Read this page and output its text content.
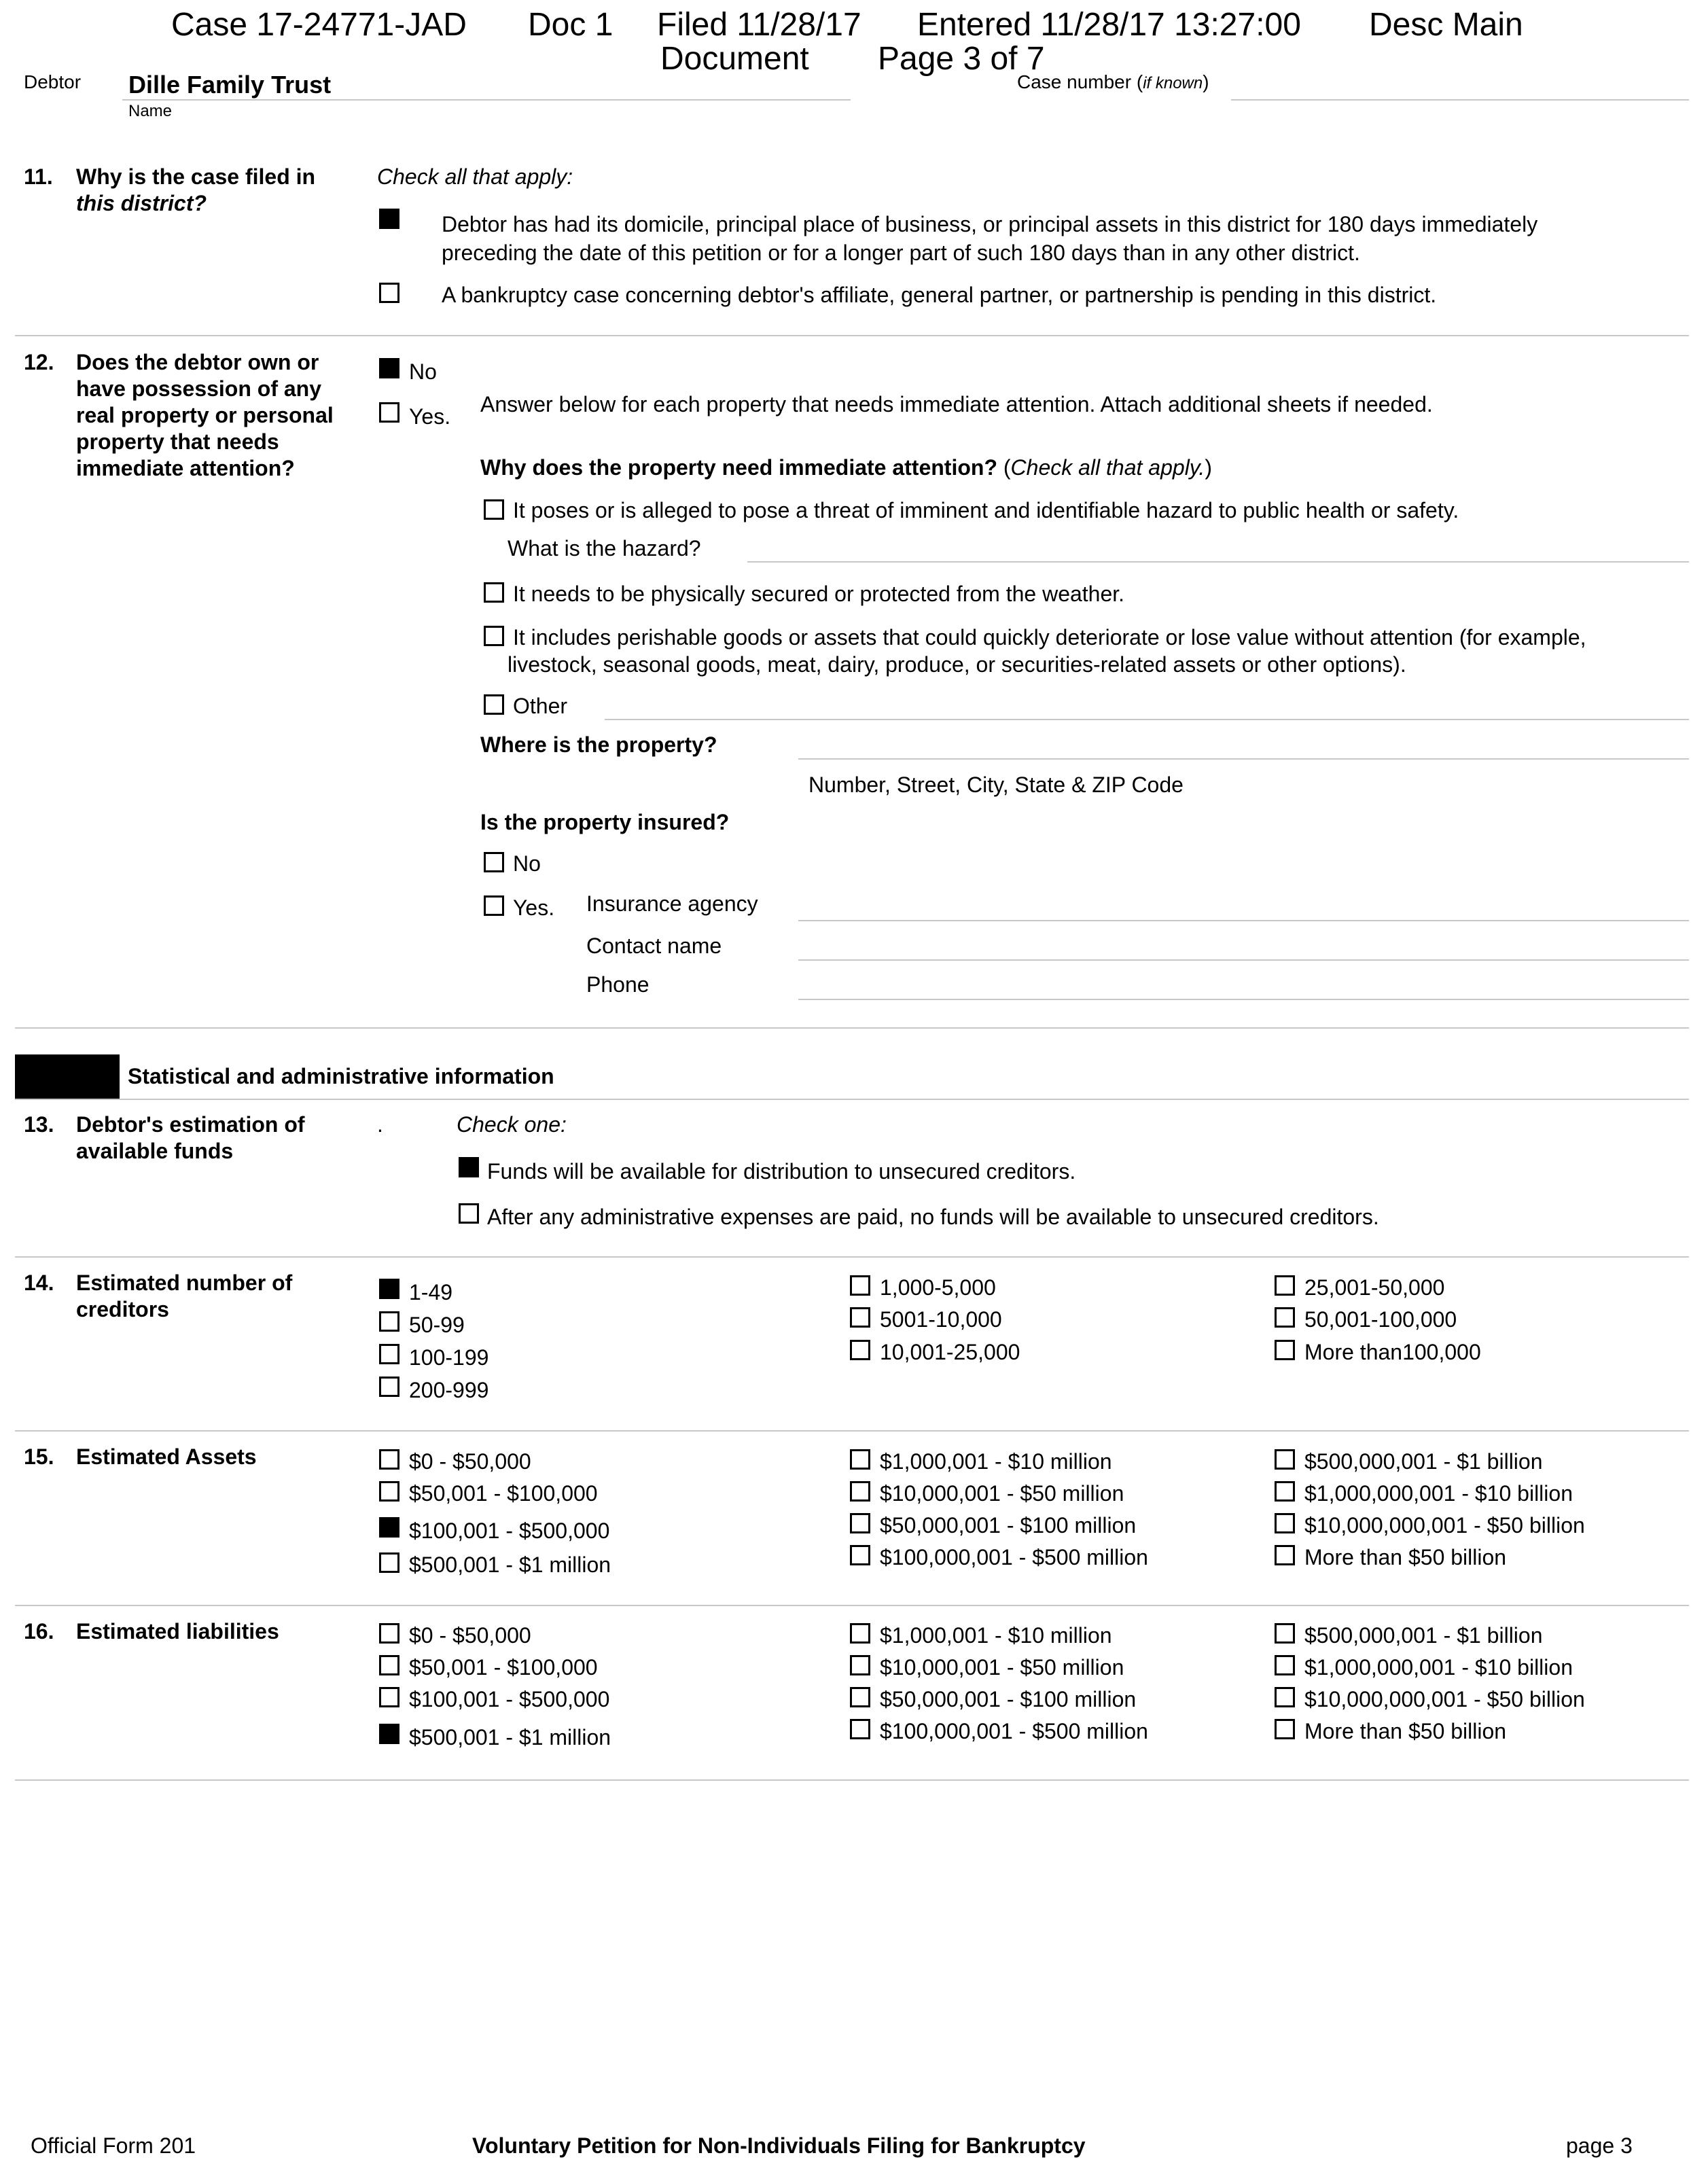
Case 17-24771-JAD Doc 1 Filed 11/28/17 Entered 11/28/17 13:27:00 Desc Main
Document Page 3 of 7
Debtor Dille Family Trust
Name
Case number (if known)
11. Why is the case filed in
this district?
Check all that apply:
Debtor has had its domicile, principal place of business, or principal assets in this district for 180 days immediately
preceding the date of this petition or for a longer part of such 180 days than in any other district.
A bankruptcy case concerning debtor's affiliate, general partner, or partnership is pending in this district.
12. Does the debtor own or
have possession of any
real property or personal
property that needs
immediate attention?
No
Yes. Answer below for each property that needs immediate attention. Attach additional sheets if needed.
Why does the property need immediate attention? (Check all that apply.)
It poses or is alleged to pose a threat of imminent and identifiable hazard to public health or safety.
What is the hazard?
It needs to be physically secured or protected from the weather.
It includes perishable goods or assets that could quickly deteriorate or lose value without attention (for example,
livestock, seasonal goods, meat, dairy, produce, or securities-related assets or other options).
Other
Where is the property?
Number, Street, City, State & ZIP Code
Is the property insured?
No
Yes. Insurance agency
Contact name
Phone
Statistical and administrative information
13. Debtor's estimation of
available funds
.	Check one:
Funds will be available for distribution to unsecured creditors.
After any administrative expenses are paid, no funds will be available to unsecured creditors.
14. Estimated number of
creditors
1-49
50-99
100-199
200-999
1,000-5,000
5001-10,000
10,001-25,000
25,001-50,000
50,001-100,000
More than100,000
15. Estimated Assets	$0 - $50,000
$50,001 - $100,000
$100,001 - $500,000
$500,001 - $1 million
$1,000,001 - $10 million
$10,000,001 - $50 million
$50,000,001 - $100 million
$100,000,001 - $500 million
$500,000,001 - $1 billion
$1,000,000,001 - $10 billion
$10,000,000,001 - $50 billion
More than $50 billion
16. Estimated liabilities	$0 - $50,000
$50,001 - $100,000
$100,001 - $500,000
$500,001 - $1 million
$1,000,001 - $10 million
$10,000,001 - $50 million
$50,000,001 - $100 million
$100,000,001 - $500 million
$500,000,001 - $1 billion
$1,000,000,001 - $10 billion
$10,000,000,001 - $50 billion
More than $50 billion
Official Form 201	Voluntary Petition for Non-Individuals Filing for Bankruptcy	page 3
